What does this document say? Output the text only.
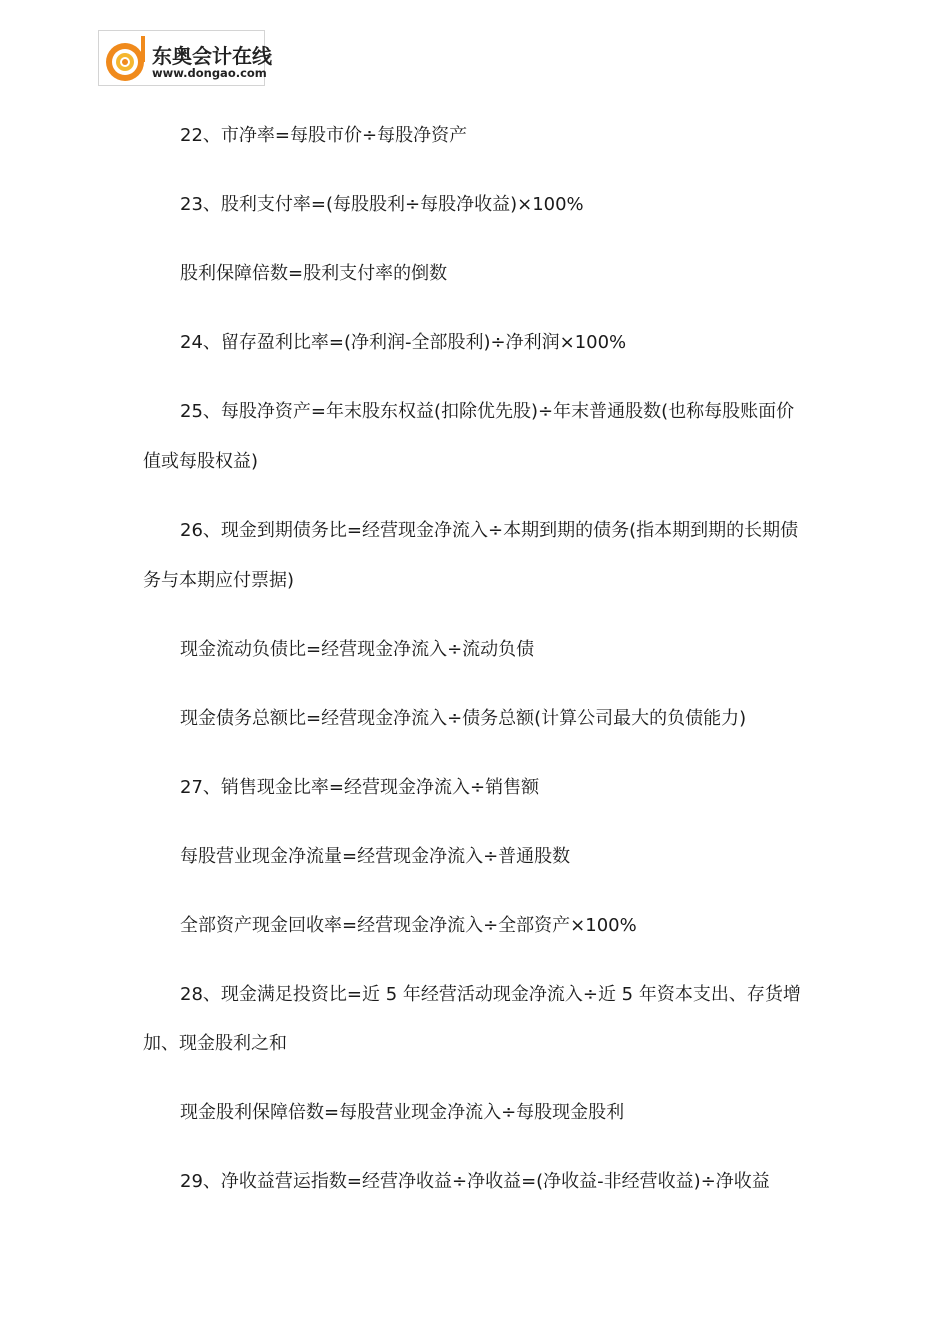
东奥会计在线
www.dongao.com
22、市净率=每股市价÷每股净资产
23、股利支付率=(每股股利÷每股净收益)×100%
股利保障倍数=股利支付率的倒数
24、留存盈利比率=(净利润-全部股利)÷净利润×100%
25、每股净资产=年末股东权益(扣除优先股)÷年末普通股数(也称每股账面价
值或每股权益)
26、现金到期债务比=经营现金净流入÷本期到期的债务(指本期到期的长期债
务与本期应付票据)
现金流动负债比=经营现金净流入÷流动负债
现金债务总额比=经营现金净流入÷债务总额(计算公司最大的负债能力)
27、销售现金比率=经营现金净流入÷销售额
每股营业现金净流量=经营现金净流入÷普通股数
全部资产现金回收率=经营现金净流入÷全部资产×100%
28、现金满足投资比=近 5 年经营活动现金净流入÷近 5 年资本支出、存货增
加、现金股利之和
现金股利保障倍数=每股营业现金净流入÷每股现金股利
29、净收益营运指数=经营净收益÷净收益=(净收益-非经营收益)÷净收益
